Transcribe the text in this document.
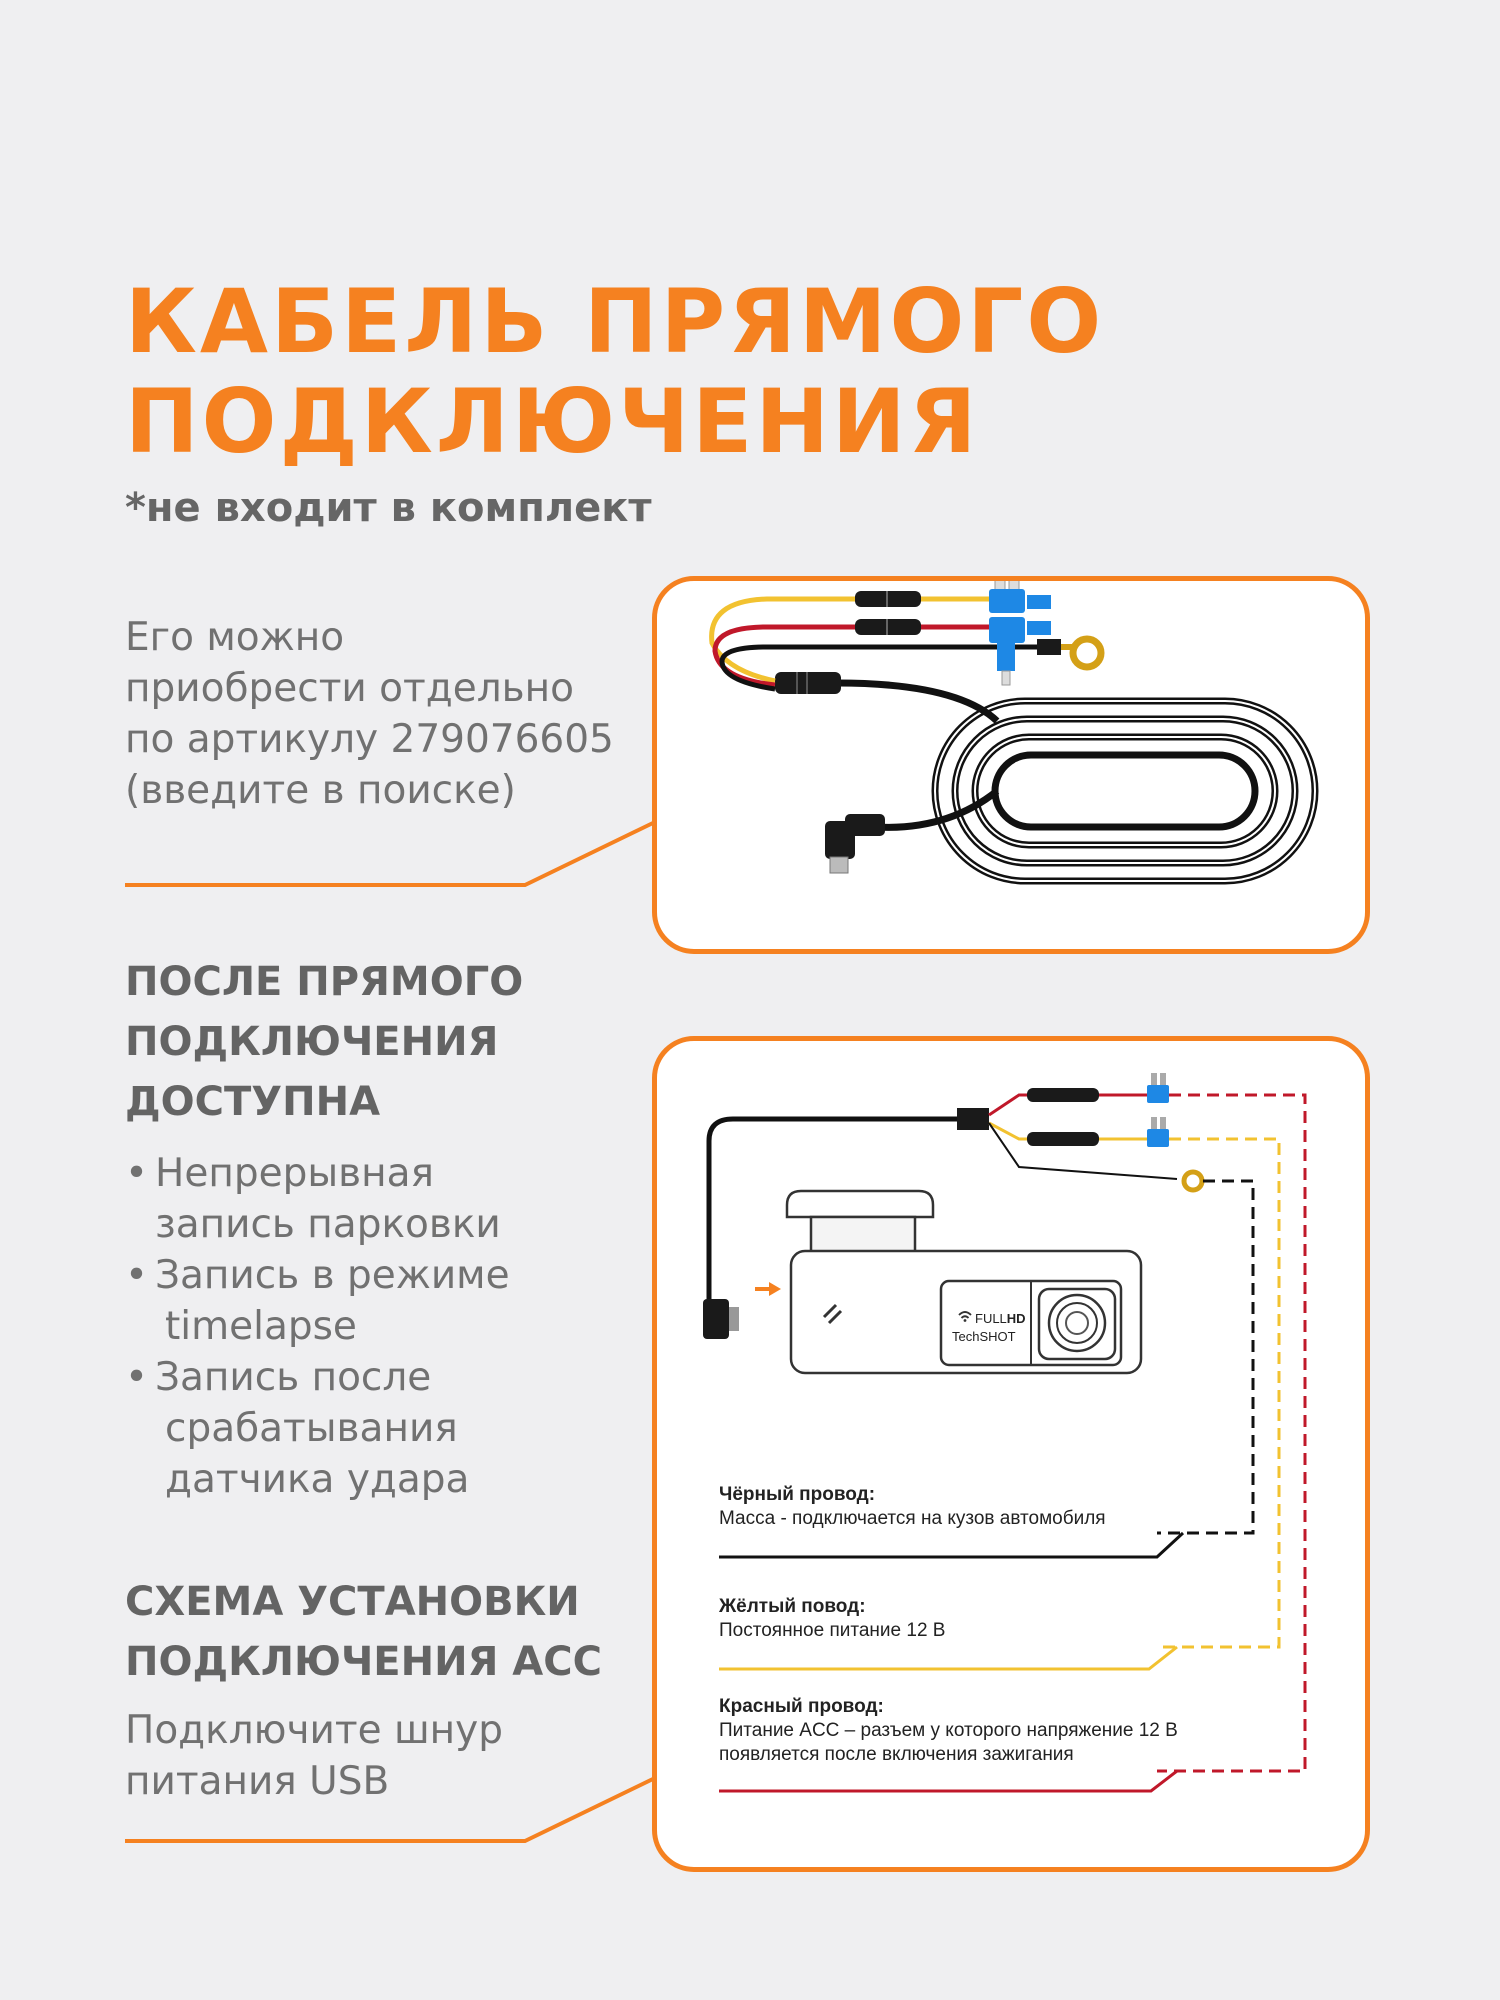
КАБЕЛЬ ПРЯМОГО
ПОДКЛЮЧЕНИЯ

*не входит в комплект

Его можно
приобрести отдельно
по артикулу 279076605
(введите в поиске)
ПОСЛЕ ПРЯМОГО
ПОДКЛЮЧЕНИЯ
ДОСТУПНА
• Непрерывная
запись парковки
• Запись в режиме
timelapse
• Запись после
срабатывания
датчика удара
СХЕМА УСТАНОВКИ
ПОДКЛЮЧЕНИЯ ACC
Подключите шнур
питания USB
FULLHD
TechSHOT
Чёрный провод:
Масса - подключается на кузов автомобиля
Жёлтый повод:
Постоянное питание 12 В
Красный провод:
Питание ACC – разъем у которого напряжение 12 В
появляется после включения зажигания
